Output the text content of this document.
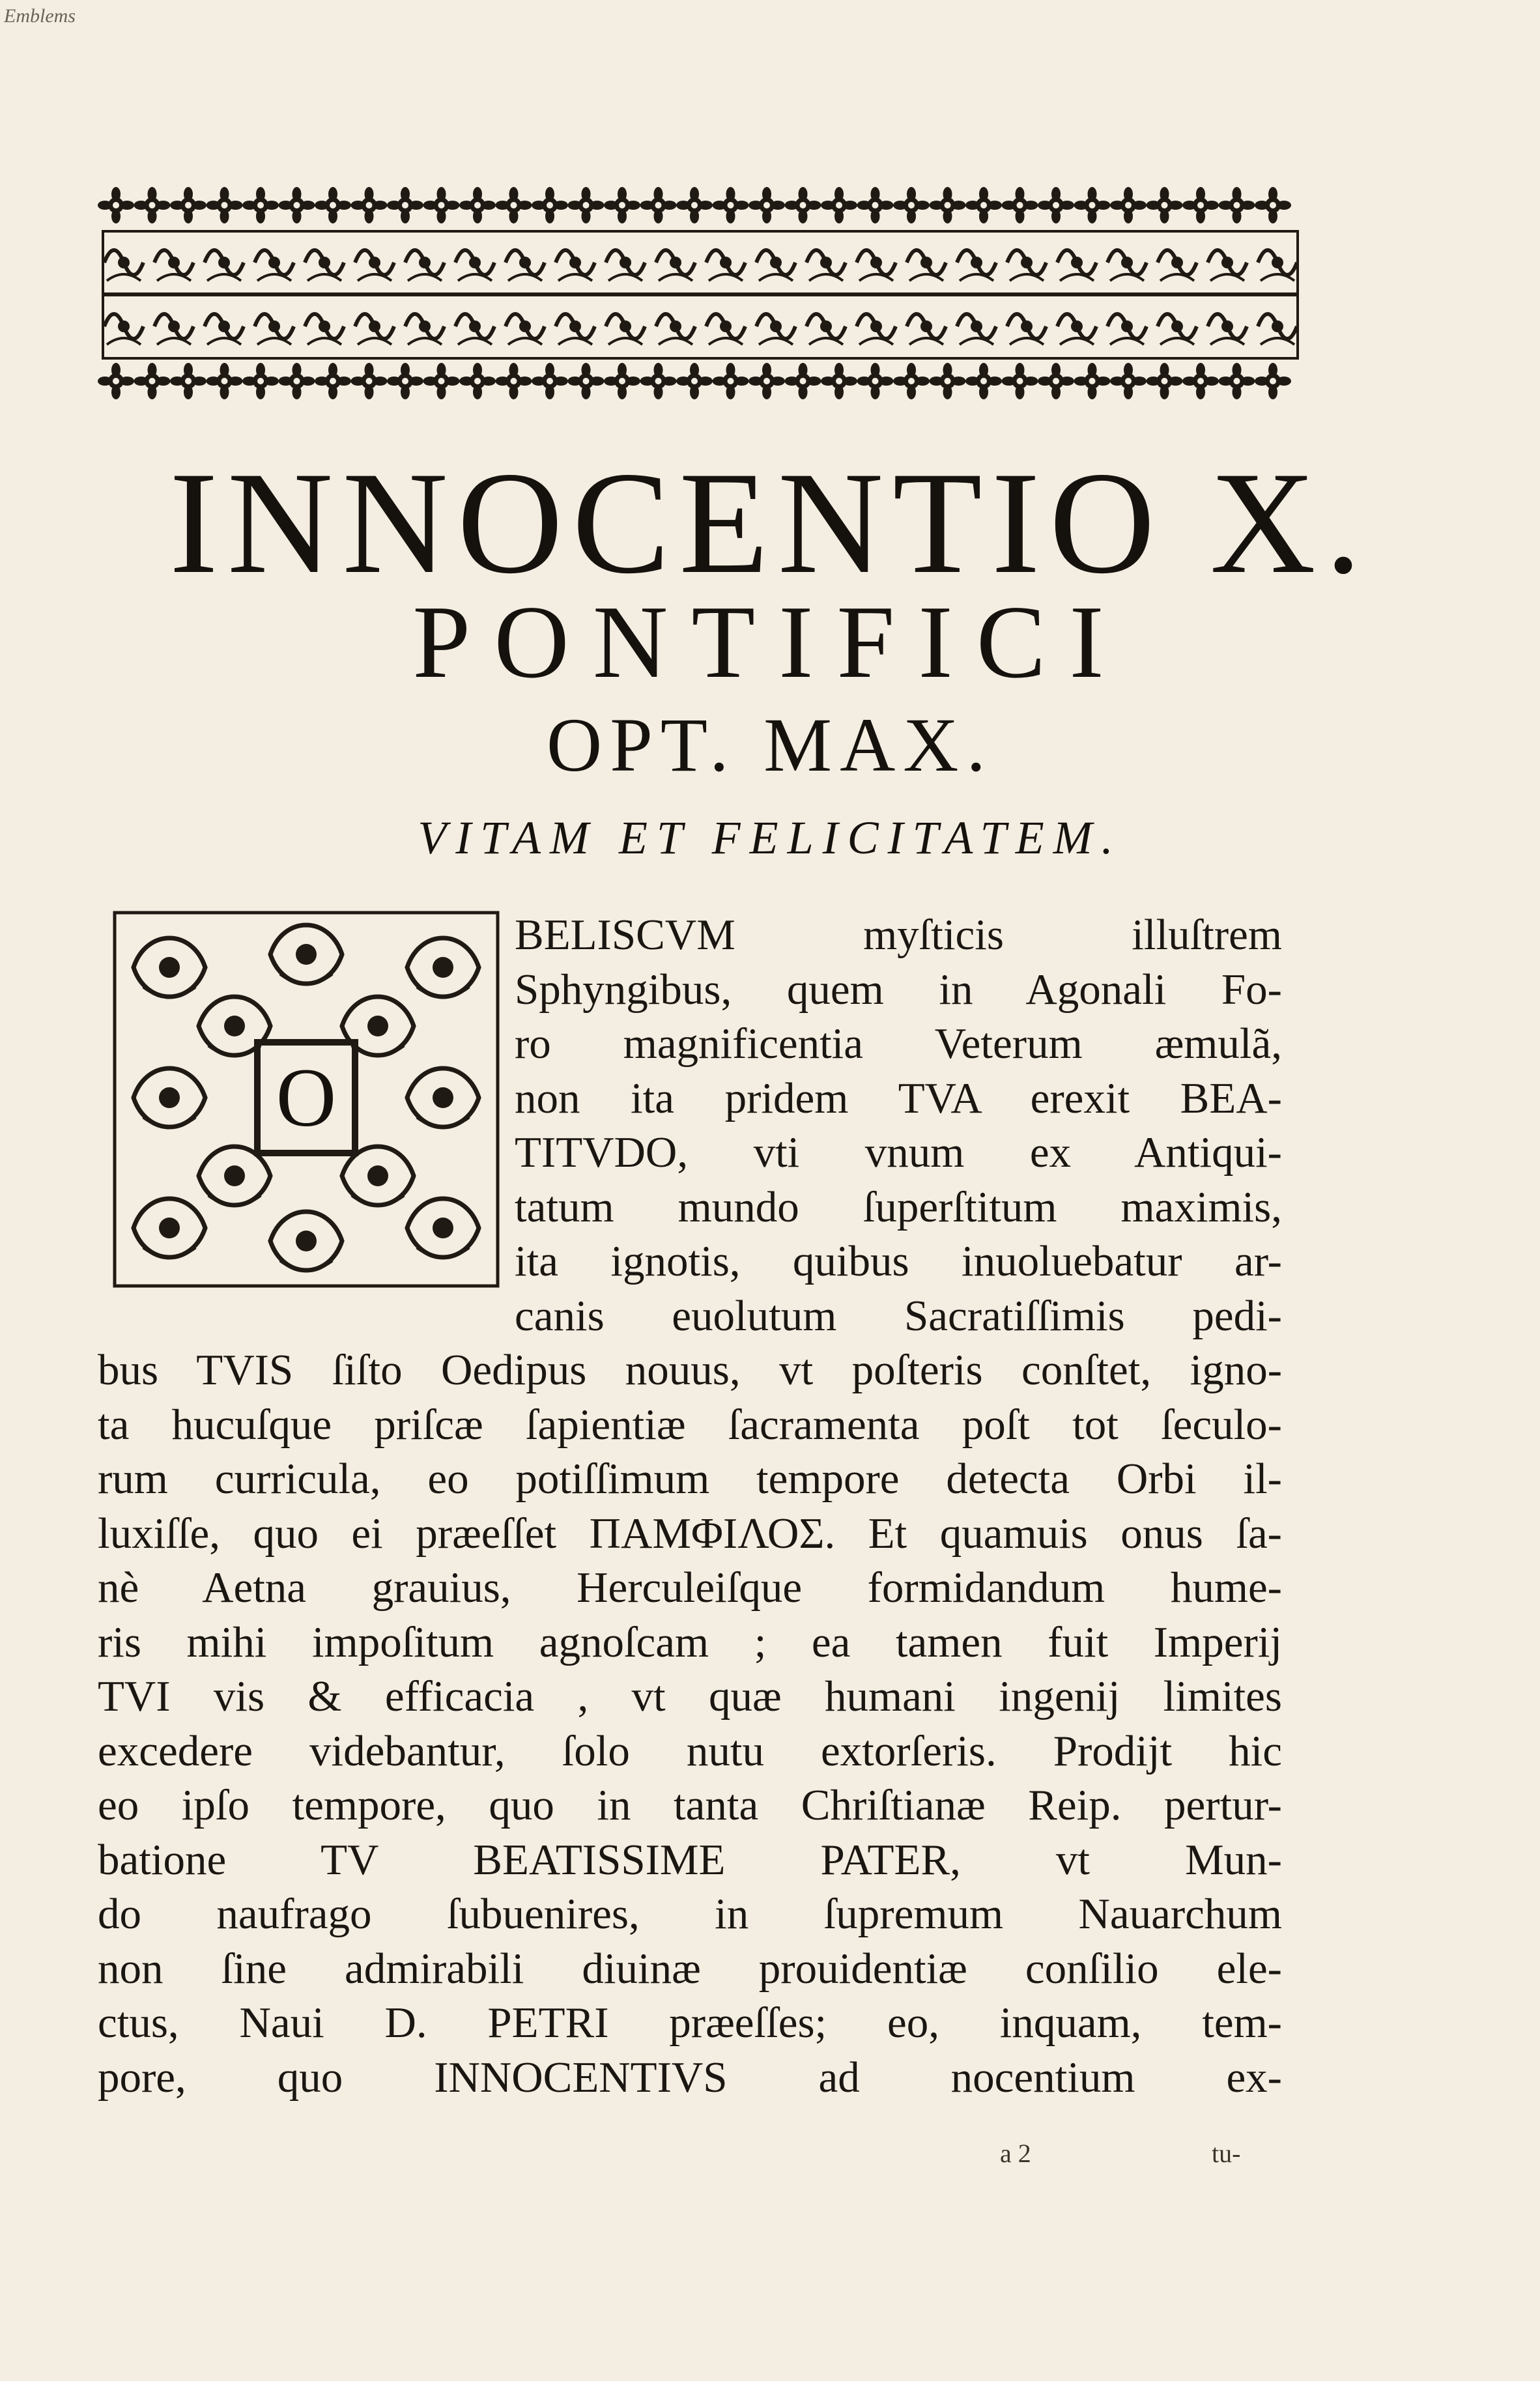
Emblems
INNOCENTIO X.
PONTIFICI
OPT. MAX.
VITAM ET FELICITATEM.
O
BELISCVM myſticis illuſtrem
Sphyngibus, quem in Agonali Fo-
ro magnificentia Veterum æmulã,
non ita pridem TVA erexit BEA-
TITVDO, vti vnum ex Antiqui-
tatum mundo ſuperſtitum maximis,
ita ignotis, quibus inuoluebatur ar-
canis euolutum Sacratiſſimis pedi-
bus TVIS ſiſto Oedipus nouus, vt poſteris conſtet, igno-
ta hucuſque priſcæ ſapientiæ ſacramenta poſt tot ſeculo-
rum curricula, eo potiſſimum tempore detecta Orbi il-
luxiſſe, quo ei præeſſet ΠΑΜΦΙΛΟΣ. Et quamuis onus ſa-
nè Aetna grauius, Herculeiſque formidandum hume-
ris mihi impoſitum agnoſcam ; ea tamen fuit Imperij
TVI vis & efficacia , vt quæ humani ingenij limites
excedere videbantur, ſolo nutu extorſeris. Prodijt hic
eo ipſo tempore, quo in tanta Chriſtianæ Reip. pertur-
batione TV BEATISSIME PATER, vt Mun-
do naufrago ſubuenires, in ſupremum Nauarchum
non ſine admirabili diuinæ prouidentiæ conſilio ele-
ctus, Naui D. PETRI præeſſes; eo, inquam, tem-
pore, quo INNOCENTIVS ad nocentium ex-
a 2	tu-
